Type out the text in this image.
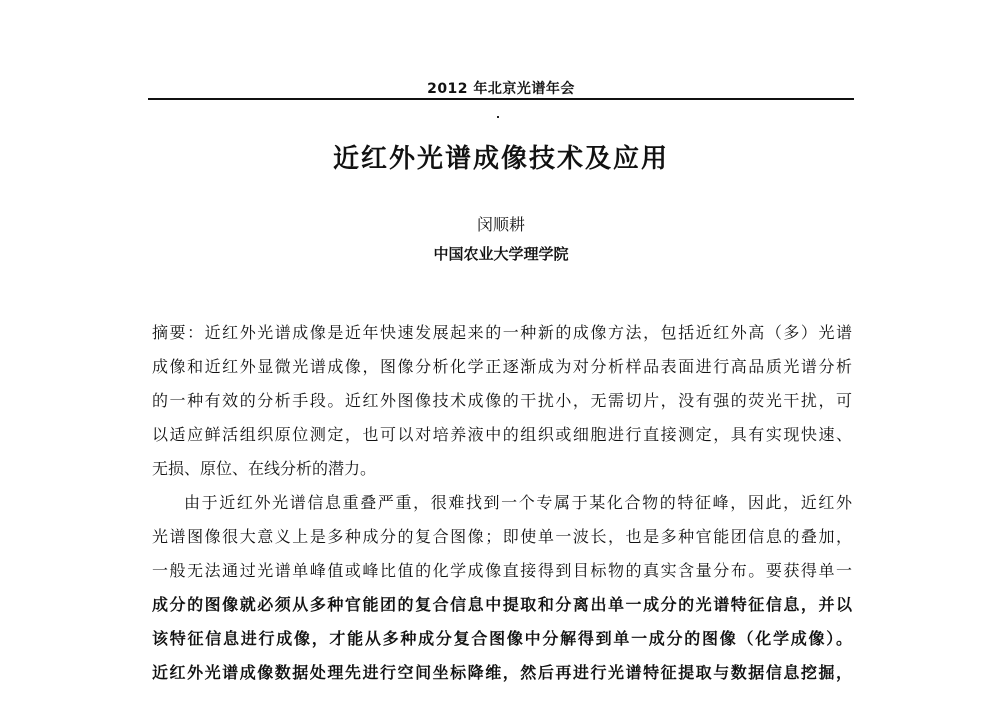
2012 年北京光谱年会
近红外光谱成像技术及应用
闵顺耕
中国农业大学理学院
摘要：近红外光谱成像是近年快速发展起来的一种新的成像方法，包括近红外高（多）光谱
成像和近红外显微光谱成像，图像分析化学正逐渐成为对分析样品表面进行高品质光谱分析
的一种有效的分析手段。近红外图像技术成像的干扰小，无需切片，没有强的荧光干扰，可
以适应鲜活组织原位测定，也可以对培养液中的组织或细胞进行直接测定，具有实现快速、
无损、原位、在线分析的潜力。
由于近红外光谱信息重叠严重，很难找到一个专属于某化合物的特征峰，因此，近红外
光谱图像很大意义上是多种成分的复合图像；即使单一波长，也是多种官能团信息的叠加，
一般无法通过光谱单峰值或峰比值的化学成像直接得到目标物的真实含量分布。要获得单一
成分的图像就必须从多种官能团的复合信息中提取和分离出单一成分的光谱特征信息，并以
该特征信息进行成像，才能从多种成分复合图像中分解得到单一成分的图像（化学成像）。
近红外光谱成像数据处理先进行空间坐标降维，然后再进行光谱特征提取与数据信息挖掘，
